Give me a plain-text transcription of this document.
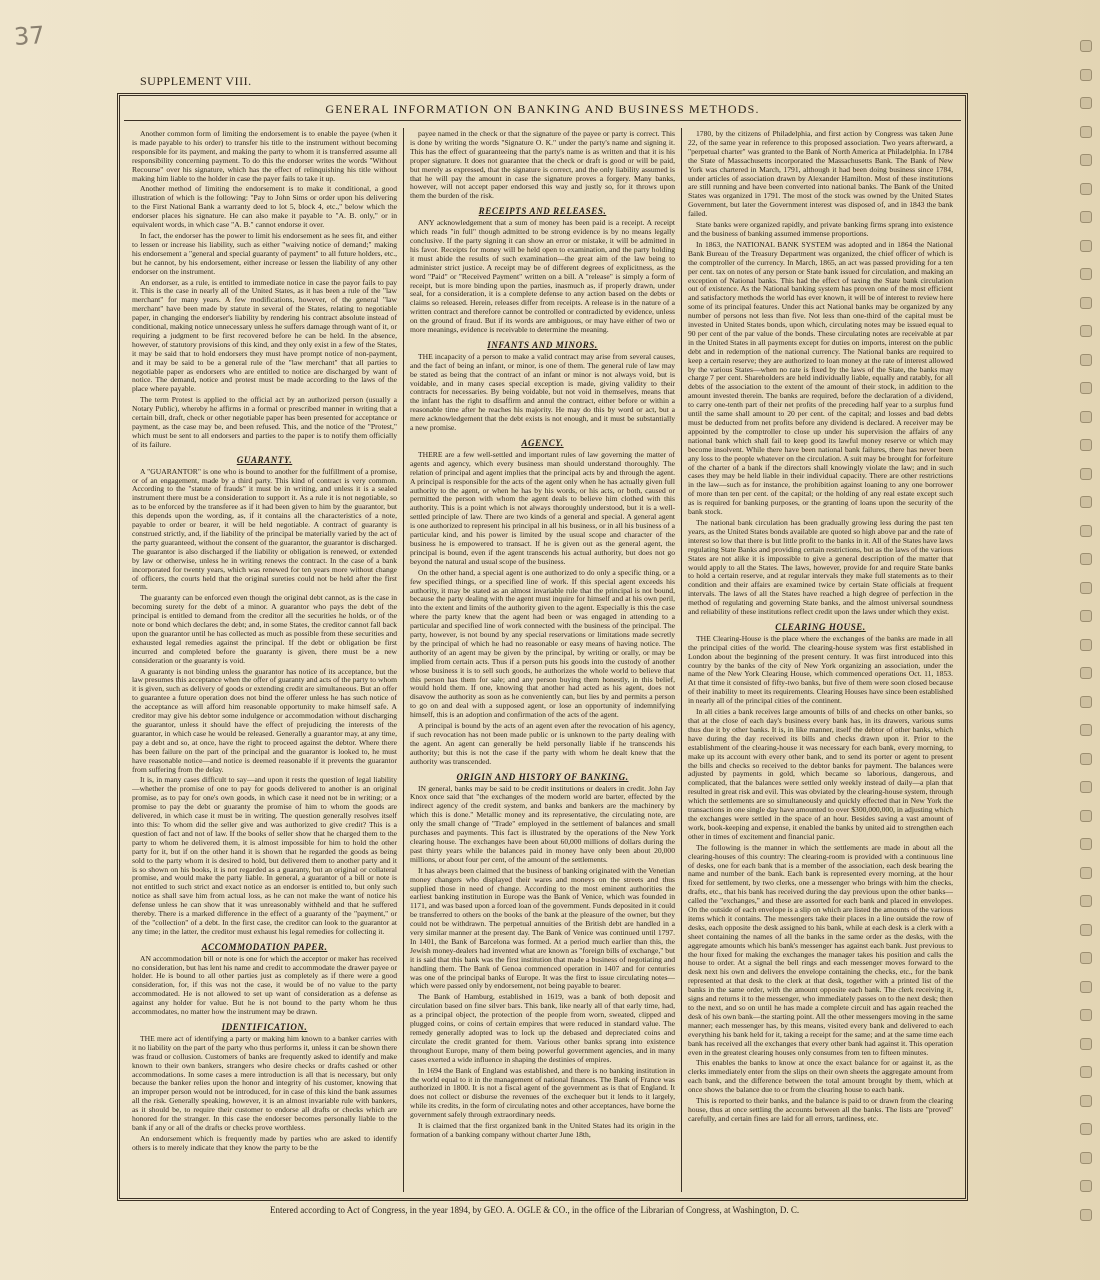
37
SUPPLEMENT VIII.
GENERAL INFORMATION ON BANKING AND BUSINESS METHODS.

Another common form of limiting the endorsement is to enable the payee (when it is made payable to his order) to transfer his title to the instrument without becoming responsible for its payment, and making the party to whom it is transferred assume all responsibility concerning payment. To do this the endorser writes the words "Without Recourse" over his signature, which has the effect of relinquishing his title without making him liable to the holder in case the payer fails to take it up.

Another method of limiting the endorsement is to make it conditional, a good illustration of which is the following: "Pay to John Sims or order upon his delivering to the First National Bank a warranty deed to lot 5, block 4, etc.," below which the endorser places his signature. He can also make it payable to "A. B. only," or in equivalent words, in which case "A. B." cannot endorse it over.

In fact, the endorser has the power to limit his endorsement as he sees fit, and either to lessen or increase his liability, such as either "waiving notice of demand;" making his endorsement a "general and special guaranty of payment" to all future holders, etc., but he cannot, by his endorsement, either increase or lessen the liability of any other endorser on the instrument.

An endorser, as a rule, is entitled to immediate notice in case the payor fails to pay it. This is the case in nearly all of the United States, as it has been a rule of the "law merchant" for many years. A few modifications, however, of the general "law merchant" have been made by statute in several of the States, relating to negotiable paper, in changing the endorser's liability by rendering his contract absolute instead of conditional, making notice unnecessary unless he suffers damage through want of it, or requiring a judgment to be first recovered before he can be held. In the absence, however, of statutory provisions of this kind, and they only exist in a few of the States, it may be said that to hold endorsers they must have prompt notice of non-payment, and it may be said to be a general rule of the "law merchant" that all parties to negotiable paper as endorsers who are entitled to notice are discharged by want of notice. The demand, notice and protest must be made according to the laws of the place where payable.

The term Protest is applied to the official act by an authorized person (usually a Notary Public), whereby he affirms in a formal or prescribed manner in writing that a certain bill, draft, check or other negotiable paper has been presented for acceptance or payment, as the case may be, and been refused. This, and the notice of the "Protest," which must be sent to all endorsers and parties to the paper is to notify them officially of its failure.

GUARANTY.

A "GUARANTOR" is one who is bound to another for the fulfillment of a promise, or of an engagement, made by a third party. This kind of contract is very common. According to the "statute of frauds" it must be in writing, and unless it is a sealed instrument there must be a consideration to support it. As a rule it is not negotiable, so as to be enforced by the transferee as if it had been given to him by the guarantor, but this depends upon the wording, as, if it contains all the characteristics of a note, payable to order or bearer, it will be held negotiable. A contract of guaranty is construed strictly, and, if the liability of the principal be materially varied by the act of the party guaranteed, without the consent of the guarantor, the guarantor is discharged. The guarantor is also discharged if the liability or obligation is renewed, or extended by law or otherwise, unless he in writing renews the contract. In the case of a bank incorporated for twenty years, which was renewed for ten years more without change of officers, the courts held that the original sureties could not be held after the first term.

The guaranty can be enforced even though the original debt cannot, as is the case in becoming surety for the debt of a minor. A guarantor who pays the debt of the principal is entitled to demand from the creditor all the securities he holds, or of the note or bond which declares the debt; and, in some States, the creditor cannot fall back upon the guarantor until he has collected as much as possible from these securities and exhausted legal remedies against the principal. If the debt or obligation be first incurred and completed before the guaranty is given, there must be a new consideration or the guaranty is void.

A guaranty is not binding unless the guarantor has notice of its acceptance, but the law presumes this acceptance when the offer of guaranty and acts of the party to whom it is given, such as delivery of goods or extending credit are simultaneous. But an offer to guarantee a future operation does not bind the offerer unless he has such notice of the acceptance as will afford him reasonable opportunity to make himself safe. A creditor may give his debtor some indulgence or accommodation without discharging the guarantor, unless it should have the effect of prejudicing the interests of the guarantor, in which case he would be released. Generally a guarantor may, at any time, pay a debt and so, at once, have the right to proceed against the debtor. Where there has been failure on the part of the principal and the guarantor is looked to, he must have reasonable notice—and notice is deemed reasonable if it prevents the guarantor from suffering from the delay.

It is, in many cases difficult to say—and upon it rests the question of legal liability—whether the promise of one to pay for goods delivered to another is an original promise, as to pay for one's own goods, in which case it need not be in writing; or a promise to pay the debt or guaranty the promise of him to whom the goods are delivered, in which case it must be in writing. The question generally resolves itself into this: To whom did the seller give and was authorized to give credit? This is a question of fact and not of law. If the books of seller show that he charged them to the party to whom he delivered them, it is almost impossible for him to hold the other party for it, but if on the other hand it is shown that he regarded the goods as being sold to the party whom it is desired to hold, but delivered them to another party and it is so shown on his books, it is not regarded as a guaranty, but an original or collateral promise, and would make the party liable. In general, a guarantor of a bill or note is not entitled to such strict and exact notice as an endorser is entitled to, but only such notice as shall save him from actual loss, as he can not make the want of notice his defense unless he can show that it was unreasonably withheld and that he suffered thereby. There is a marked difference in the effect of a guaranty of the "payment," or of the "collection" of a debt. In the first case, the creditor can look to the guarantor at any time; in the latter, the creditor must exhaust his legal remedies for collecting it.

ACCOMMODATION PAPER.

AN accommodation bill or note is one for which the acceptor or maker has received no consideration, but has lent his name and credit to accommodate the drawer payee or holder. He is bound to all other parties just as completely as if there were a good consideration, for, if this was not the case, it would be of no value to the party accommodated. He is not allowed to set up want of consideration as a defense as against any holder for value. But he is not bound to the party whom he thus accommodates, no matter how the instrument may be drawn.

IDENTIFICATION.

THE mere act of identifying a party or making him known to a banker carries with it no liability on the part of the party who thus performs it, unless it can be shown there was fraud or collusion. Customers of banks are frequently asked to identify and make known to their own bankers, strangers who desire checks or drafts cashed or other accommodations. In some cases a mere introduction is all that is necessary, but only because the banker relies upon the honor and integrity of his customer, knowing that an improper person would not be introduced, for in case of this kind the bank assumes all the risk. Generally speaking, however, it is an almost invariable rule with bankers, as it should be, to require their customer to endorse all drafts or checks which are honored for the stranger. In this case the endorser becomes personally liable to the bank if any or all of the drafts or checks prove worthless.

An endorsement which is frequently made by parties who are asked to identify others is to merely indicate that they know the party to be the

payee named in the check or that the signature of the payee or party is correct. This is done by writing the words "Signature O. K." under the party's name and signing it. This has the effect of guaranteeing that the party's name is as written and that it is his proper signature. It does not guarantee that the check or draft is good or will be paid, but merely as expressed, that the signature is correct, and the only liability assumed is that he will pay the amount in case the signature proves a forgery. Many banks, however, will not accept paper endorsed this way and justly so, for it throws upon them the burden of the risk.

RECEIPTS AND RELEASES.

ANY acknowledgement that a sum of money has been paid is a receipt. A receipt which reads "in full" though admitted to be strong evidence is by no means legally conclusive. If the party signing it can show an error or mistake, it will be admitted in his favor. Receipts for money will be held open to examination, and the party holding it must abide the results of such examination—the great aim of the law being to administer strict justice. A receipt may be of different degrees of explicitness, as the word "Paid" or "Received Payment" written on a bill. A "release" is simply a form of receipt, but is more binding upon the parties, inasmuch as, if properly drawn, under seal, for a consideration, it is a complete defense to any action based on the debts or claims so released. Herein, releases differ from receipts. A release is in the nature of a written contract and therefore cannot be controlled or contradicted by evidence, unless on the ground of fraud. But if its words are ambiguous, or may have either of two or more meanings, evidence is receivable to determine the meaning.

INFANTS AND MINORS.

THE incapacity of a person to make a valid contract may arise from several causes, and the fact of being an infant, or minor, is one of them. The general rule of law may be stated as being that the contract of an infant or minor is not always void, but is voidable, and in many cases special exception is made, giving validity to their contracts for necessaries. By being voidable, but not void in themselves, means that the infant has the right to disaffirm and annul the contract, either before or within a reasonable time after he reaches his majority. He may do this by word or act, but a mere acknowledgement that the debt exists is not enough, and it must be substantially a new promise.

AGENCY.

THERE are a few well-settled and important rules of law governing the matter of agents and agency, which every business man should understand thoroughly. The relation of principal and agent implies that the principal acts by and through the agent. A principal is responsible for the acts of the agent only when he has actually given full authority to the agent, or when he has by his words, or his acts, or both, caused or permitted the person with whom the agent deals to believe him clothed with this authority. This is a point which is not always thoroughly understood, but it is a well-settled principle of law. There are two kinds of a general and special. A general agent is one authorized to represent his principal in all his business, or in all his business of a particular kind, and his power is limited by the usual scope and character of the business he is empowered to transact. If he is given out as the general agent, the principal is bound, even if the agent transcends his actual authority, but does not go beyond the natural and usual scope of the business.

On the other hand, a special agent is one authorized to do only a specific thing, or a few specified things, or a specified line of work. If this special agent exceeds his authority, it may be stated as an almost invariable rule that the principal is not bound, because the party dealing with the agent must inquire for himself and at his own peril, into the extent and limits of the authority given to the agent. Especially is this the case where the party knew that the agent had been or was engaged in attending to a particular and specified line of work connected with the business of the principal. The party, however, is not bound by any special reservations or limitations made secretly by the principal of which he had no reasonable or easy means of having notice. The authority of an agent may be given by the principal, by writing or orally, or may be implied from certain acts. Thus if a person puts his goods into the custody of another whose business it is to sell such goods, he authorizes the whole world to believe that this person has them for sale; and any person buying them honestly, in this belief, would hold them. If one, knowing that another had acted as his agent, does not disavow the authority as soon as he conveniently can, but lies by and permits a person to go on and deal with a supposed agent, or lose an opportunity of indemnifying himself, this is an adoption and confirmation of the acts of the agent.

A principal is bound by the acts of an agent even after the revocation of his agency, if such revocation has not been made public or is unknown to the party dealing with the agent. An agent can generally be held personally liable if he transcends his authority; but this is not the case if the party with whom he dealt knew that the authority was transcended.

ORIGIN AND HISTORY OF BANKING.

IN general, banks may be said to be credit institutions or dealers in credit. John Jay Knox once said that "the exchanges of the modern world are barter, effected by the indirect agency of the credit system, and banks and bankers are the machinery by which this is done." Metallic money and its representative, the circulating note, are only the small change of "Trade" employed in the settlement of balances and small purchases and payments. This fact is illustrated by the operations of the New York clearing house. The exchanges have been about 60,000 millions of dollars during the past thirty years while the balances paid in money have only been about 20,000 millions, or about four per cent, of the amount of the settlements.

It has always been claimed that the business of banking originated with the Venetian money changers who displayed their wares and moneys on the streets and thus supplied those in need of change. According to the most eminent authorities the earliest banking institution in Europe was the Bank of Venice, which was founded in 1171, and was based upon a forced loan of the government. Funds deposited in it could be transferred to others on the books of the bank at the pleasure of the owner, but they could not be withdrawn. The perpetual annuities of the British debt are handled in a very similar manner at the present day. The Bank of Venice was continued until 1797. In 1401, the Bank of Barcelona was formed. At a period much earlier than this, the Jewish money-dealers had invented what are known as "foreign bills of exchange," but it is said that this bank was the first institution that made a business of negotiating and handling them. The Bank of Genoa commenced operation in 1407 and for centuries was one of the principal banks of Europe. It was the first to issue circulating notes—which were passed only by endorsement, not being payable to bearer.

The Bank of Hamburg, established in 1619, was a bank of both deposit and circulation based on fine silver bars. This bank, like nearly all of that early time, had, as a principal object, the protection of the people from worn, sweated, clipped and plugged coins, or coins of certain empires that were reduced in standard value. The remedy generally adopted was to lock up the debased and depreciated coins and circulate the credit granted for them. Various other banks sprang into existence throughout Europe, many of them being powerful government agencies, and in many cases exerted a wide influence in shaping the destinies of empires.

In 1694 the Bank of England was established, and there is no banking institution in the world equal to it in the management of national finances. The Bank of France was authorized in 1800. It is not a fiscal agent of the government as is that of England. It does not collect or disburse the revenues of the exchequer but it lends to it largely, while its credits, in the form of circulating notes and other acceptances, have borne the government safely through extraordinary needs.

It is claimed that the first organized bank in the United States had its origin in the formation of a banking company without charter June 18th,

1780, by the citizens of Philadelphia, and first action by Congress was taken June 22, of the same year in reference to this proposed association. Two years afterward, a "perpetual charter" was granted to the Bank of North America at Philadelphia. In 1784 the State of Massachusetts incorporated the Massachusetts Bank. The Bank of New York was chartered in March, 1791, although it had been doing business since 1784, under articles of association drawn by Alexander Hamilton. Most of these institutions are still running and have been converted into national banks. The Bank of the United States was organized in 1791. The most of the stock was owned by the United States Government, but later the Government interest was disposed of, and in 1843 the bank failed.

State banks were organized rapidly, and private banking firms sprang into existence and the business of banking assumed immense proportions.

In 1863, the NATIONAL BANK SYSTEM was adopted and in 1864 the National Bank Bureau of the Treasury Department was organized, the chief officer of which is the comptroller of the currency. In March, 1865, an act was passed providing for a ten per cent. tax on notes of any person or State bank issued for circulation, and making an exception of National banks. This had the effect of taxing the State bank circulation out of existence. As the National banking system has proven one of the most efficient and satisfactory methods the world has ever known, it will be of interest to review here some of its principal features. Under this act National banks may be organized by any number of persons not less than five. Not less than one-third of the capital must be invested in United States bonds, upon which, circulating notes may be issued equal to 90 per cent of the par value of the bonds. These circulating notes are receivable at par in the United States in all payments except for duties on imports, interest on the public debt and in redemption of the national currency. The National banks are required to keep a certain reserve; they are authorized to loan money at the rate of interest allowed by the various States—when no rate is fixed by the laws of the State, the banks may charge 7 per cent. Shareholders are held individually liable, equally and ratably, for all debts of the association to the extent of the amount of their stock, in addition to the amount invested therein. The banks are required, before the declaration of a dividend, to carry one-tenth part of their net profits of the preceding half year to a surplus fund until the same shall amount to 20 per cent. of the capital; and losses and bad debts must be deducted from net profits before any dividend is declared. A receiver may be appointed by the comptroller to close up under his supervision the affairs of any national bank which shall fail to keep good its lawful money reserve or which may become insolvent. While there have been national bank failures, there has never been any loss to the people whatever on the circulation. A suit may be brought for forfeiture of the charter of a bank if the directors shall knowingly violate the law; and in such cases they may be held liable in their individual capacity. There are other restrictions in the law—such as for instance, the prohibition against loaning to any one borrower of more than ten per cent. of the capital; or the holding of any real estate except such as is required for banking purposes, or the granting of loans upon the security of the bank stock.

The national bank circulation has been gradually growing less during the past ten years, as the United States bonds available are quoted so high above par and the rate of interest so low that there is but little profit to the banks in it. All of the States have laws regulating State Banks and providing certain restrictions, but as the laws of the various States are not alike it is impossible to give a general description of the matter that would apply to all the States. The laws, however, provide for and require State banks to hold a certain reserve, and at regular intervals they make full statements as to their condition and their affairs are examined twice by certain State officials at frequent intervals. The laws of all the States have reached a high degree of perfection in the method of regulating and governing State banks, and the almost universal soundness and reliability of these institutions reflect credit upon the laws under which they exist.

CLEARING HOUSE.

THE Clearing-House is the place where the exchanges of the banks are made in all the principal cities of the world. The clearing-house system was first established in London about the beginning of the present century. It was first introduced into this country by the banks of the city of New York organizing an association, under the name of the New York Clearing House, which commenced operations Oct. 11, 1853. At that time it consisted of fifty-two banks, but five of them were soon closed because of their inability to meet its requirements. Clearing Houses have since been established in nearly all of the principal cities of the continent.

In all cities a bank receives large amounts of bills of and checks on other banks, so that at the close of each day's business every bank has, in its drawers, various sums thus due it by other banks. It is, in like manner, itself the debtor of other banks, which have during the day received its bills and checks drawn upon it. Prior to the establishment of the clearing-house it was necessary for each bank, every morning, to make up its account with every other bank, and to send its porter or agent to present the bills and checks so received to the debtor banks for payment. The balances were adjusted by payments in gold, which became so laborious, dangerous, and complicated, that the balances were settled only weekly instead of daily—a plan that resulted in great risk and evil. This was obviated by the clearing-house system, through which the settlements are so simultaneously and quickly effected that in New York the transactions in one single day have amounted to over $300,000,000, in adjusting which the exchanges were settled in the space of an hour. Besides saving a vast amount of work, book-keeping and expense, it enabled the banks by united aid to strengthen each other in times of excitement and financial panic.

The following is the manner in which the settlements are made in about all the clearing-houses of this country: The clearing-room is provided with a continuous line of desks, one for each bank that is a member of the association, each desk bearing the name and number of the bank. Each bank is represented every morning, at the hour fixed for settlement, by two clerks, one a messenger who brings with him the checks, drafts, etc., that his bank has received during the day previous upon the other banks—called the "exchanges," and these are assorted for each bank and placed in envelopes. On the outside of each envelope is a slip on which are listed the amounts of the various items which it contains. The messengers take their places in a line outside the row of desks, each opposite the desk assigned to his bank, while at each desk is a clerk with a sheet containing the names of all the banks in the same order as the desks, with the aggregate amounts which his bank's messenger has against each bank. Just previous to the hour fixed for making the exchanges the manager takes his position and calls the house to order. At a signal the bell rings and each messenger moves forward to the desk next his own and delivers the envelope containing the checks, etc., for the bank represented at that desk to the clerk at that desk, together with a printed list of the banks in the same order, with the amount opposite each bank. The clerk receiving it, signs and returns it to the messenger, who immediately passes on to the next desk; then to the next, and so on until he has made a complete circuit and has again reached the desk of his own bank—the starting point. All the other messengers moving in the same manner; each messenger has, by this means, visited every bank and delivered to each everything his bank held for it, taking a receipt for the same; and at the same time each bank has received all the exchanges that every other bank had against it. This operation even in the greatest clearing houses only consumes from ten to fifteen minutes.

This enables the banks to know at once the exact balance for or against it, as the clerks immediately enter from the slips on their own sheets the aggregate amount from each bank, and the difference between the total amount brought by them, which at once shows the balance due to or from the clearing house to each bank.

This is reported to their banks, and the balance is paid to or drawn from the clearing house, thus at once settling the accounts between all the banks. The lists are "proved" carefully, and certain fines are laid for all errors, tardiness, etc.

Entered according to Act of Congress, in the year 1894, by GEO. A. OGLE & CO., in the office of the Librarian of Congress, at Washington, D. C.
